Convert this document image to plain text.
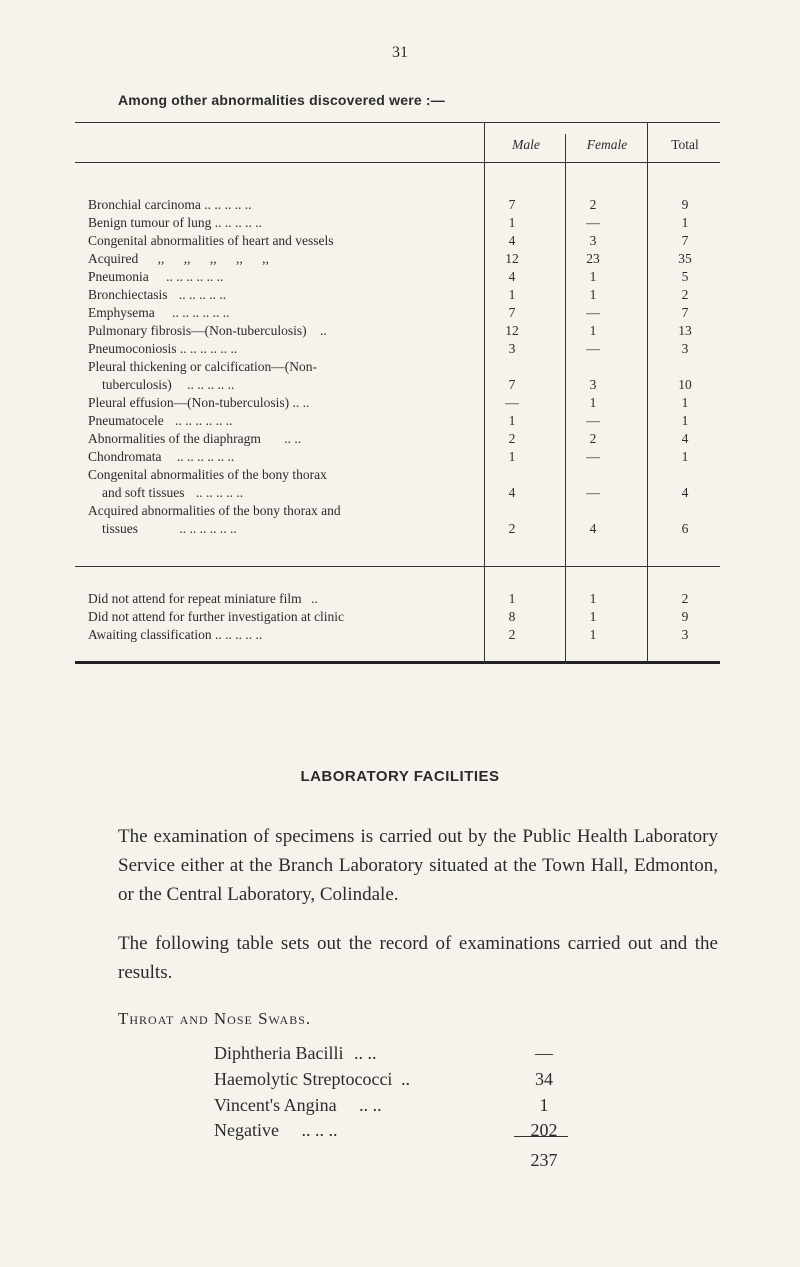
31
Among other abnormalities discovered were :—
Male	Female	Total
Bronchial carcinoma .. .. .. .. ..	7	2	9
Benign tumour of lung .. .. .. .. ..	1	—	1
Congenital abnormalities of heart and vessels	4	3	7
Acquired ,, ,, ,, ,, ,,	12	23	35
Pneumonia .. .. .. .. .. ..	4	1	5
Bronchiectasis .. .. .. .. ..	1	1	2
Emphysema .. .. .. .. .. ..	7	—	7
Pulmonary fibrosis—(Non-tuberculosis) ..	12	1	13
Pneumoconiosis .. .. .. .. .. ..	3	—	3
Pleural thickening or calcification—(Non-
tuberculosis) .. .. .. .. ..	7	3	10
Pleural effusion—(Non-tuberculosis) .. ..	—	1	1
Pneumatocele .. .. .. .. .. ..	1	—	1
Abnormalities of the diaphragm .. ..	2	2	4
Chondromata .. .. .. .. .. ..	1	—	1
Congenital abnormalities of the bony thorax
and soft tissues .. .. .. .. ..	4	—	4
Acquired abnormalities of the bony thorax and
tissues	.. .. .. .. .. ..	2	4	6
Did not attend for repeat miniature film ..	1	1	2
Did not attend for further investigation at clinic	8	1	9
Awaiting classification .. .. .. .. ..	2	1	3
LABORATORY FACILITIES
The examination of specimens is carried out by the Public Health Laboratory Service either at the Branch Laboratory situated at the Town Hall, Edmonton, or the Central Laboratory, Colindale.
The following table sets out the record of examinations carried out and the results.
Throat and Nose Swabs.
Diphtheria Bacilli .. ..	—
Haemolytic Streptococci ..	34
Vincent's Angina .. ..	1
Negative .. .. ..	202
237
